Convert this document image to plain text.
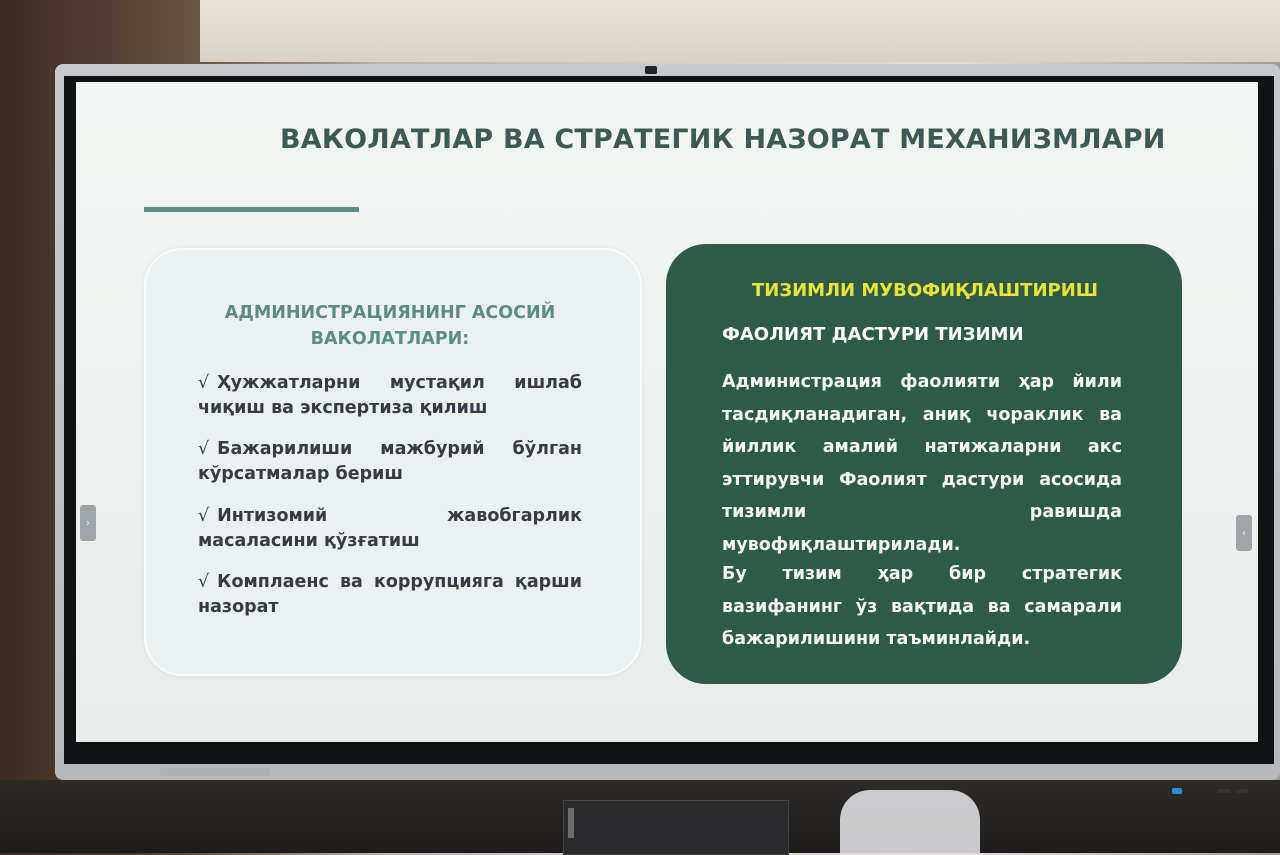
ВАКОЛАТЛАР ВА СТРАТЕГИК НАЗОРАТ МЕХАНИЗМЛАРИ
АДМИНИСТРАЦИЯНИНГ АСОСИЙ
ВАКОЛАТЛАРИ:
√ Ҳужжатларни мустақил ишлаб чиқиш ва экспертиза қилиш
√ Бажарилиши мажбурий бўлган кўрсатмалар бериш
√ Интизомий жавобгарлик масаласини қўзғатиш
√ Комплаенс ва коррупцияга қарши назорат
ТИЗИМЛИ МУВОФИҚЛАШТИРИШ
ФАОЛИЯТ ДАСТУРИ ТИЗИМИ
Администрация фаолияти ҳар йили тасдиқланадиган, аниқ чораклик ва йиллик амалий натижаларни акс эттирувчи Фаолият дастури асосида тизимли равишда мувофиқлаштирилади.
Бу тизим ҳар бир стратегик вазифанинг ўз вақтида ва самарали бажарилишини таъминлайди.
›
‹
